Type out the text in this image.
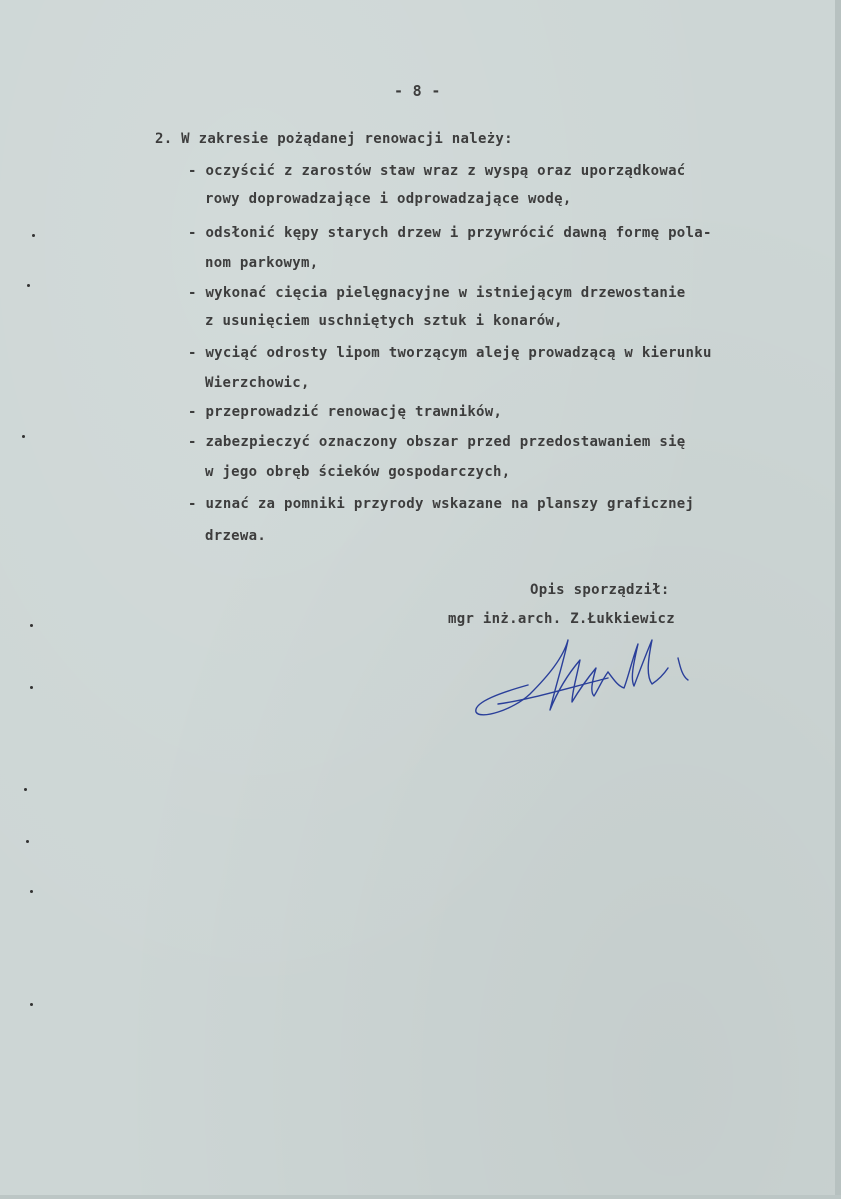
- 8 -
2. W zakresie pożądanej renowacji należy:
- oczyścić z zarostów staw wraz z wyspą oraz uporządkować
rowy doprowadzające i odprowadzające wodę,
- odsłonić kępy starych drzew i przywrócić dawną formę pola-
nom parkowym,
- wykonać cięcia pielęgnacyjne w istniejącym drzewostanie
z usunięciem uschniętych sztuk i konarów,
- wyciąć odrosty lipom tworzącym aleję prowadzącą w kierunku
Wierzchowic,
- przeprowadzić renowację trawników,
- zabezpieczyć oznaczony obszar przed przedostawaniem się
w jego obręb ścieków gospodarczych,
- uznać za pomniki przyrody wskazane na planszy graficznej
drzewa.
Opis sporządził:
mgr inż.arch. Z.Łukkiewicz
